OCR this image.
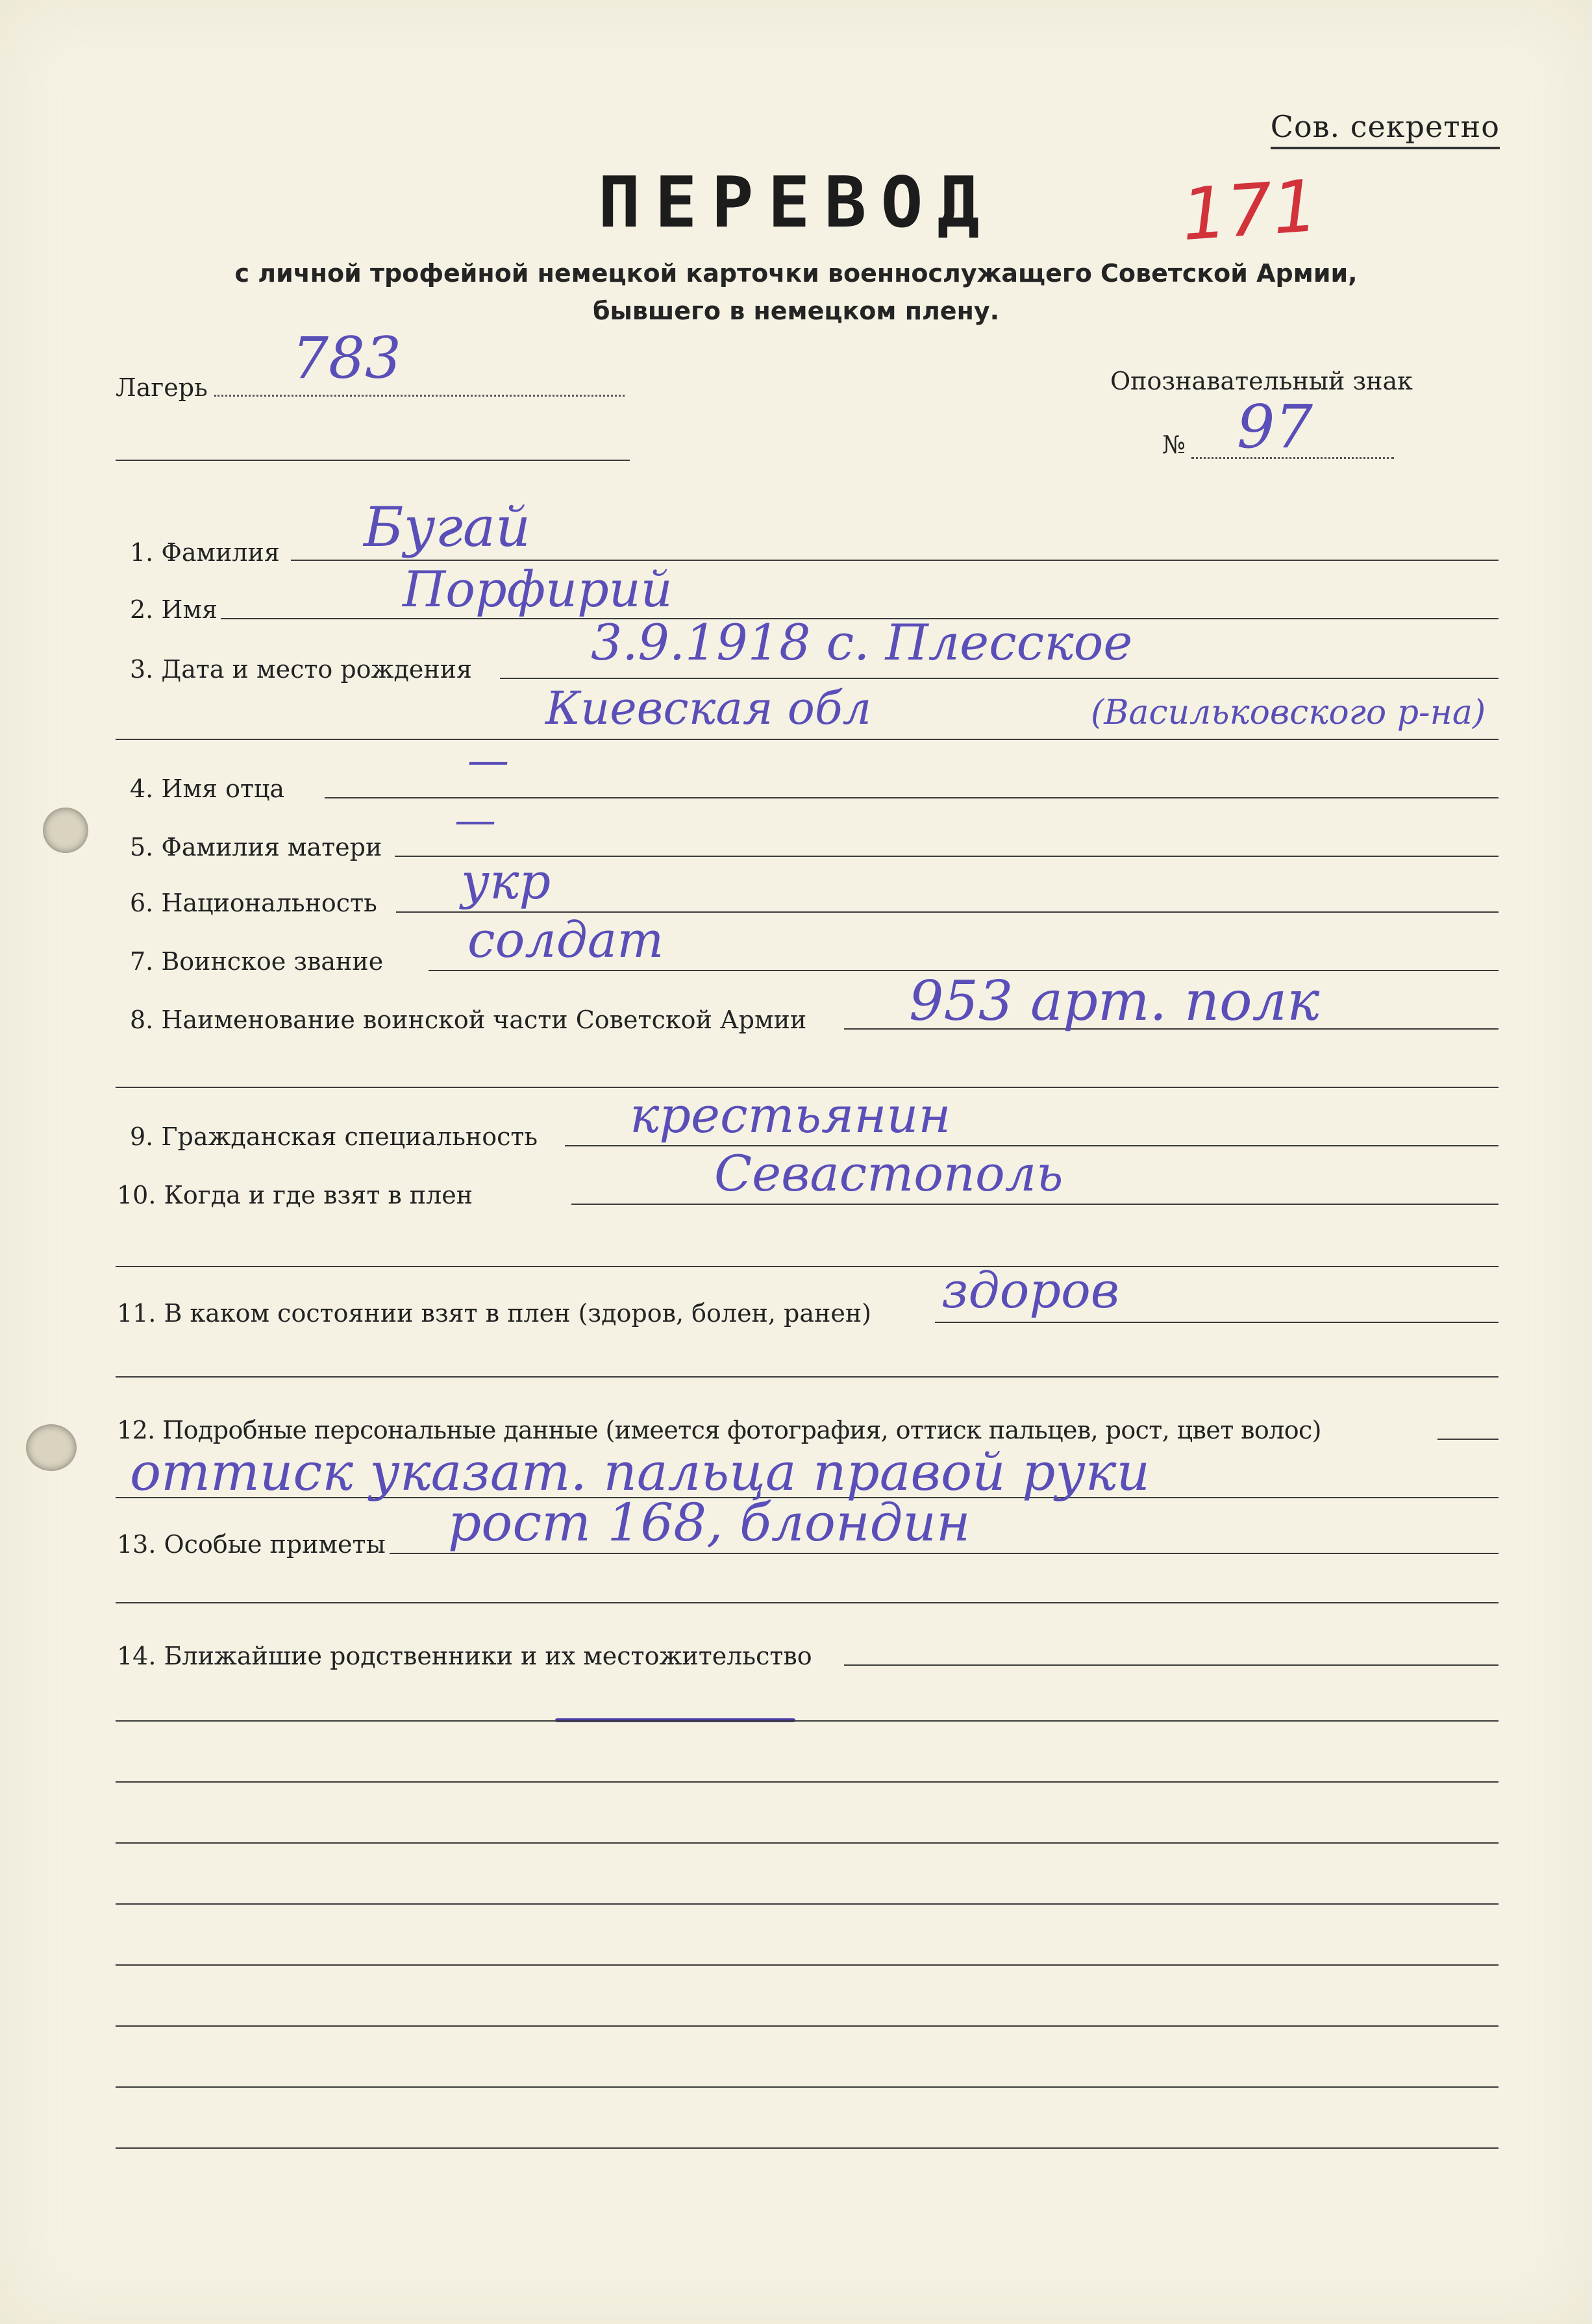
Сов. секретно
ПЕРЕВОД	171
с личной трофейной немецкой карточки военнослужащего Советской Армии,
бывшего в немецком плену.
Лагерь 783	Опознавательный знак
№ 97
1. Фамилия Бугай
2. Имя	Порфирий
3. Дата и место рождения 3.9.1918 с. Плесское
Киевская обл	(Васильковского р-на)
4. Имя отца
—
5. Фамилия матери
—
6. Национальность укр
7. Воинское звание солдат
8. Наименование воинской части Советской Армии 953 арт. полк
9. Гражданская специальность крестьянин
10. Когда и где взят в плен	Севастополь
11. В каком состоянии взят в плен (здоров, болен, ранен) здоров
12. Подробные персональные данные (имеется фотография, оттиск пальцев, рост, цвет волос)
оттиск указат. пальца правой руки
13. Особые приметы рост 168, блондин
14. Ближайшие родственники и их местожительство
